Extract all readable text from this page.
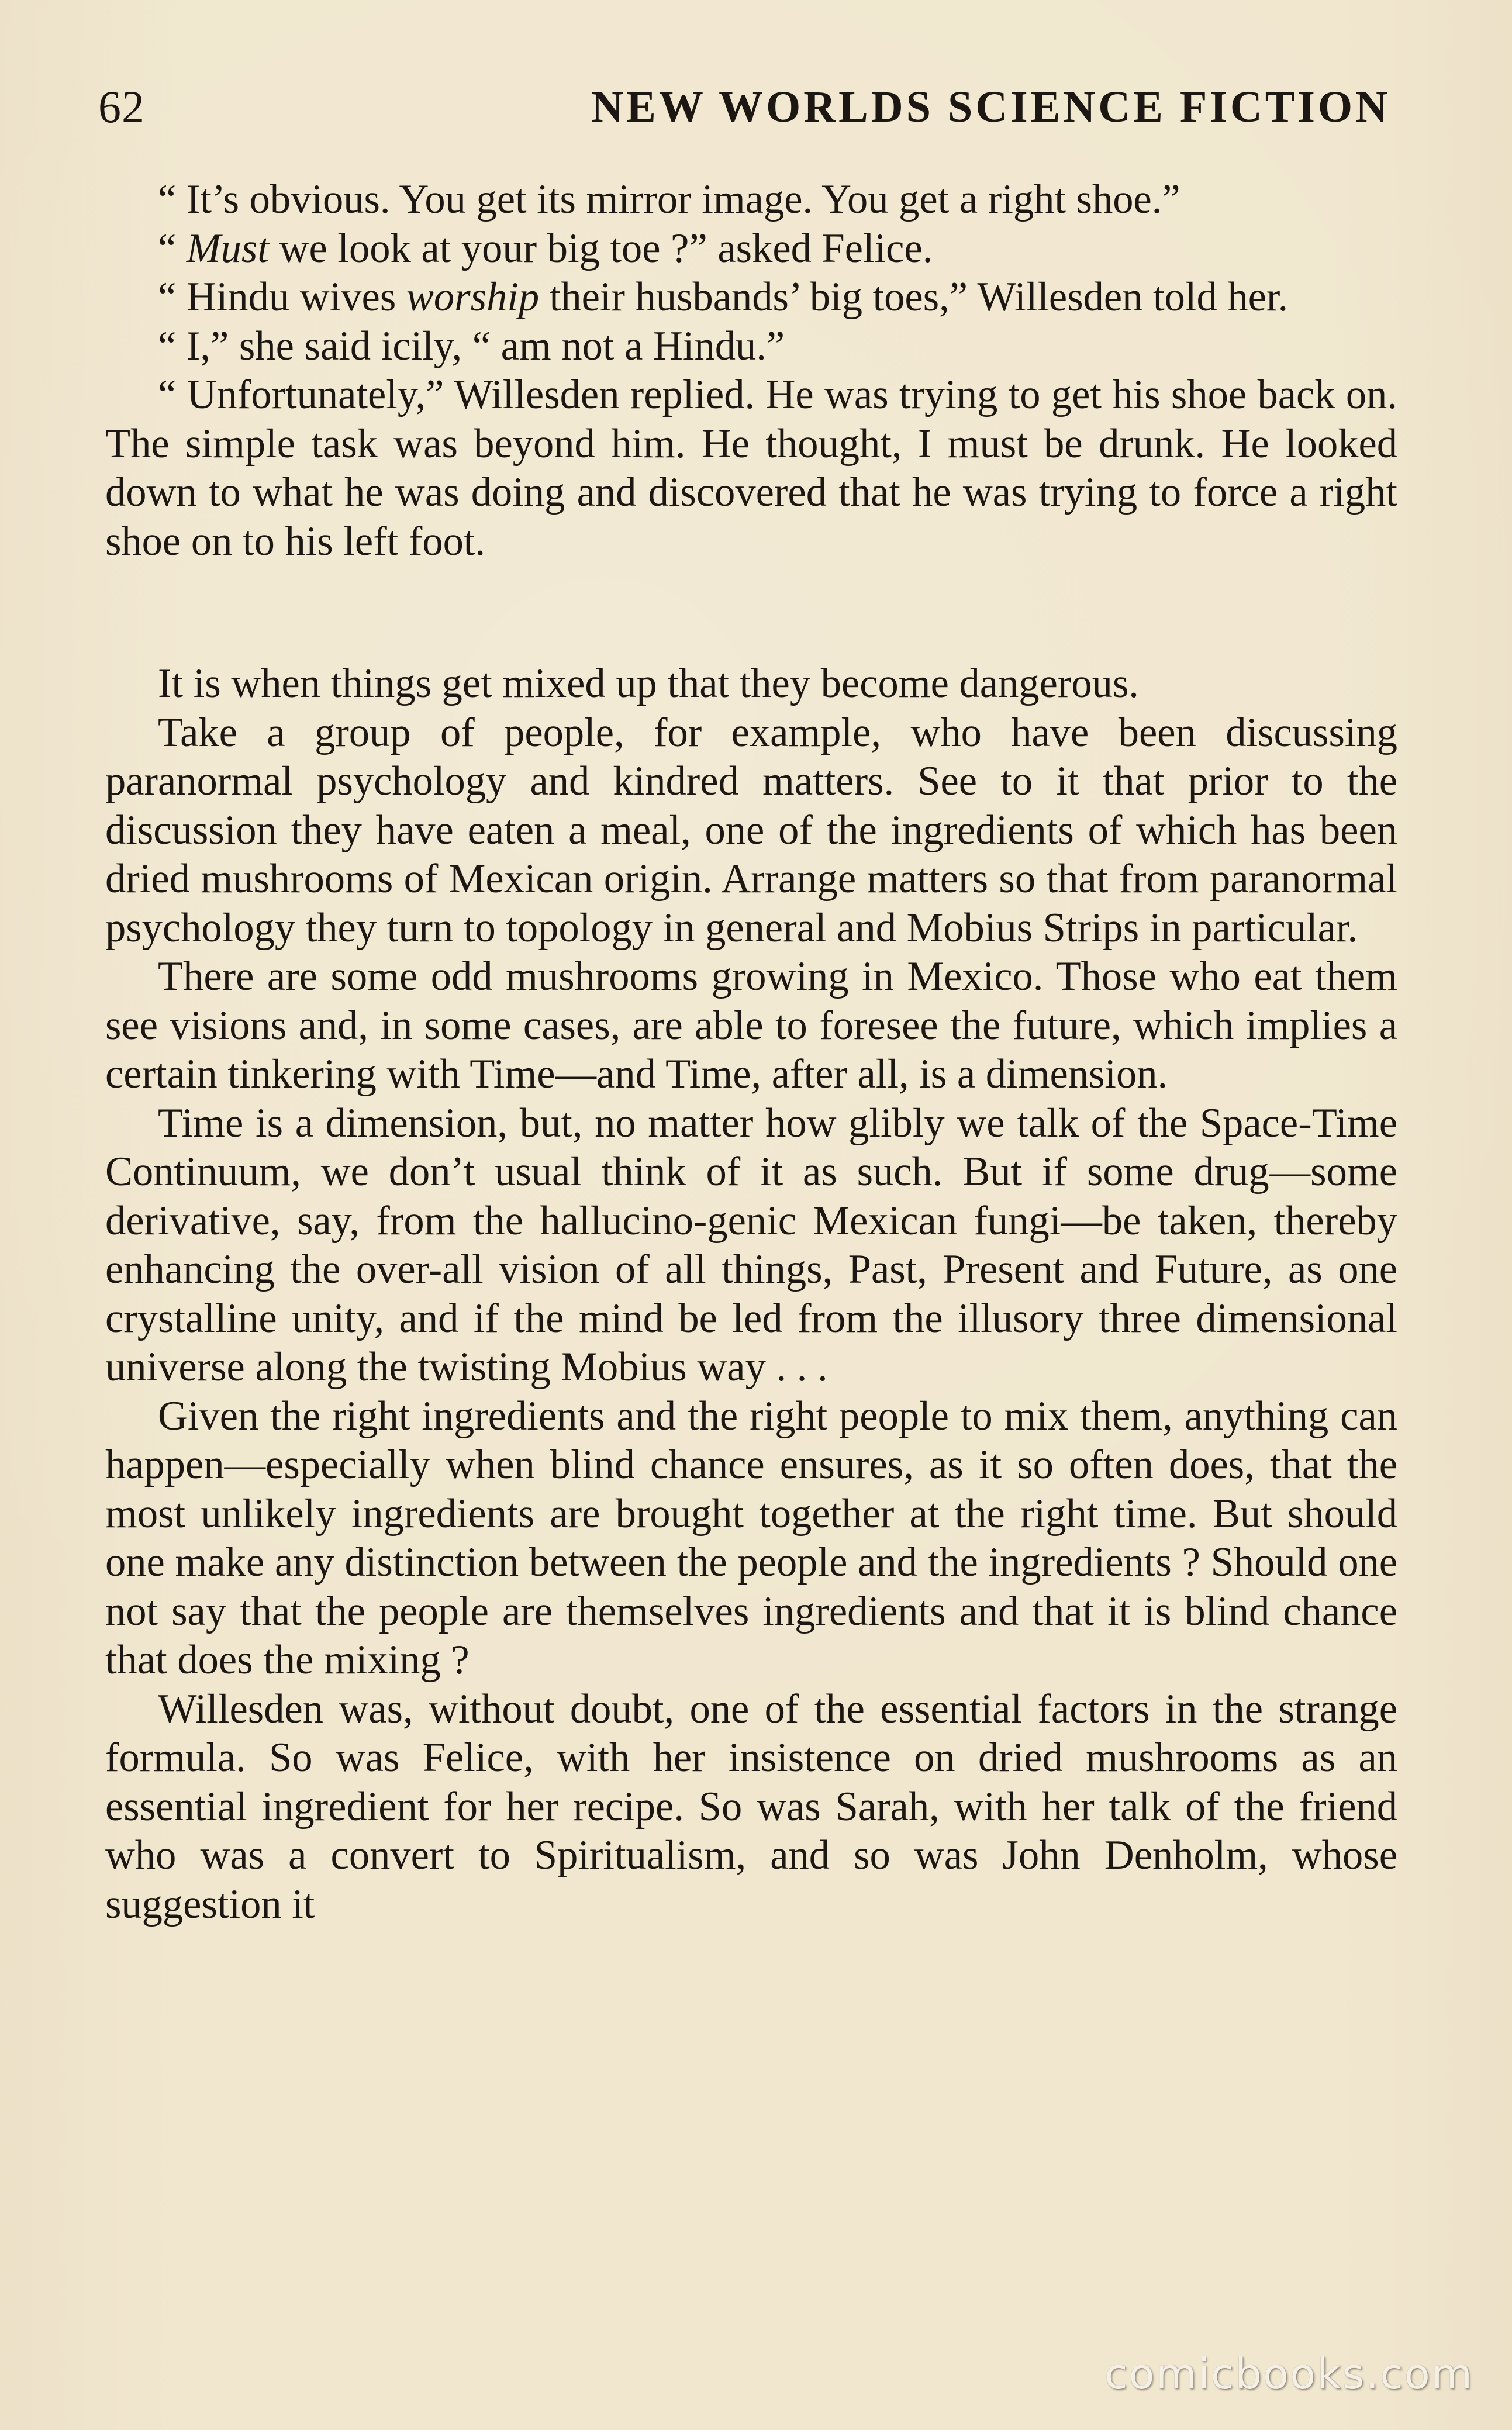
62	NEW WORLDS SCIENCE FICTION

“ It’s obvious. You get its mirror image. You get a right shoe.”

“ Must we look at your big toe ?” asked Felice.

“ Hindu wives worship their husbands’ big toes,” Willesden told her.

“ I,” she said icily, “ am not a Hindu.”

“ Unfortunately,” Willesden replied. He was trying to get his shoe back on. The simple task was beyond him. He thought, I must be drunk. He looked down to what he was doing and discovered that he was trying to force a right shoe on to his left foot.

It is when things get mixed up that they become dangerous.

Take a group of people, for example, who have been discussing paranormal psychology and kindred matters. See to it that prior to the discussion they have eaten a meal, one of the ingredients of which has been dried mushrooms of Mexican origin. Arrange matters so that from paranormal psychology they turn to topology in general and Mobius Strips in particular.

There are some odd mushrooms growing in Mexico. Those who eat them see visions and, in some cases, are able to foresee the future, which implies a certain tinkering with Time—and Time, after all, is a dimension.

Time is a dimension, but, no matter how glibly we talk of the Space-Time Continuum, we don’t usual think of it as such. But if some drug—some derivative, say, from the hallucino-genic Mexican fungi—be taken, thereby enhancing the over-all vision of all things, Past, Present and Future, as one crystalline unity, and if the mind be led from the illusory three dimensional universe along the twisting Mobius way . . .

Given the right ingredients and the right people to mix them, anything can happen—especially when blind chance ensures, as it so often does, that the most unlikely ingredients are brought together at the right time. But should one make any distinction between the people and the ingredients ? Should one not say that the people are themselves ingredients and that it is blind chance that does the mixing ?

Willesden was, without doubt, one of the essential factors in the strange formula. So was Felice, with her insistence on dried mushrooms as an essential ingredient for her recipe. So was Sarah, with her talk of the friend who was a convert to Spiritualism, and so was John Denholm, whose suggestion it

comicbooks.com
